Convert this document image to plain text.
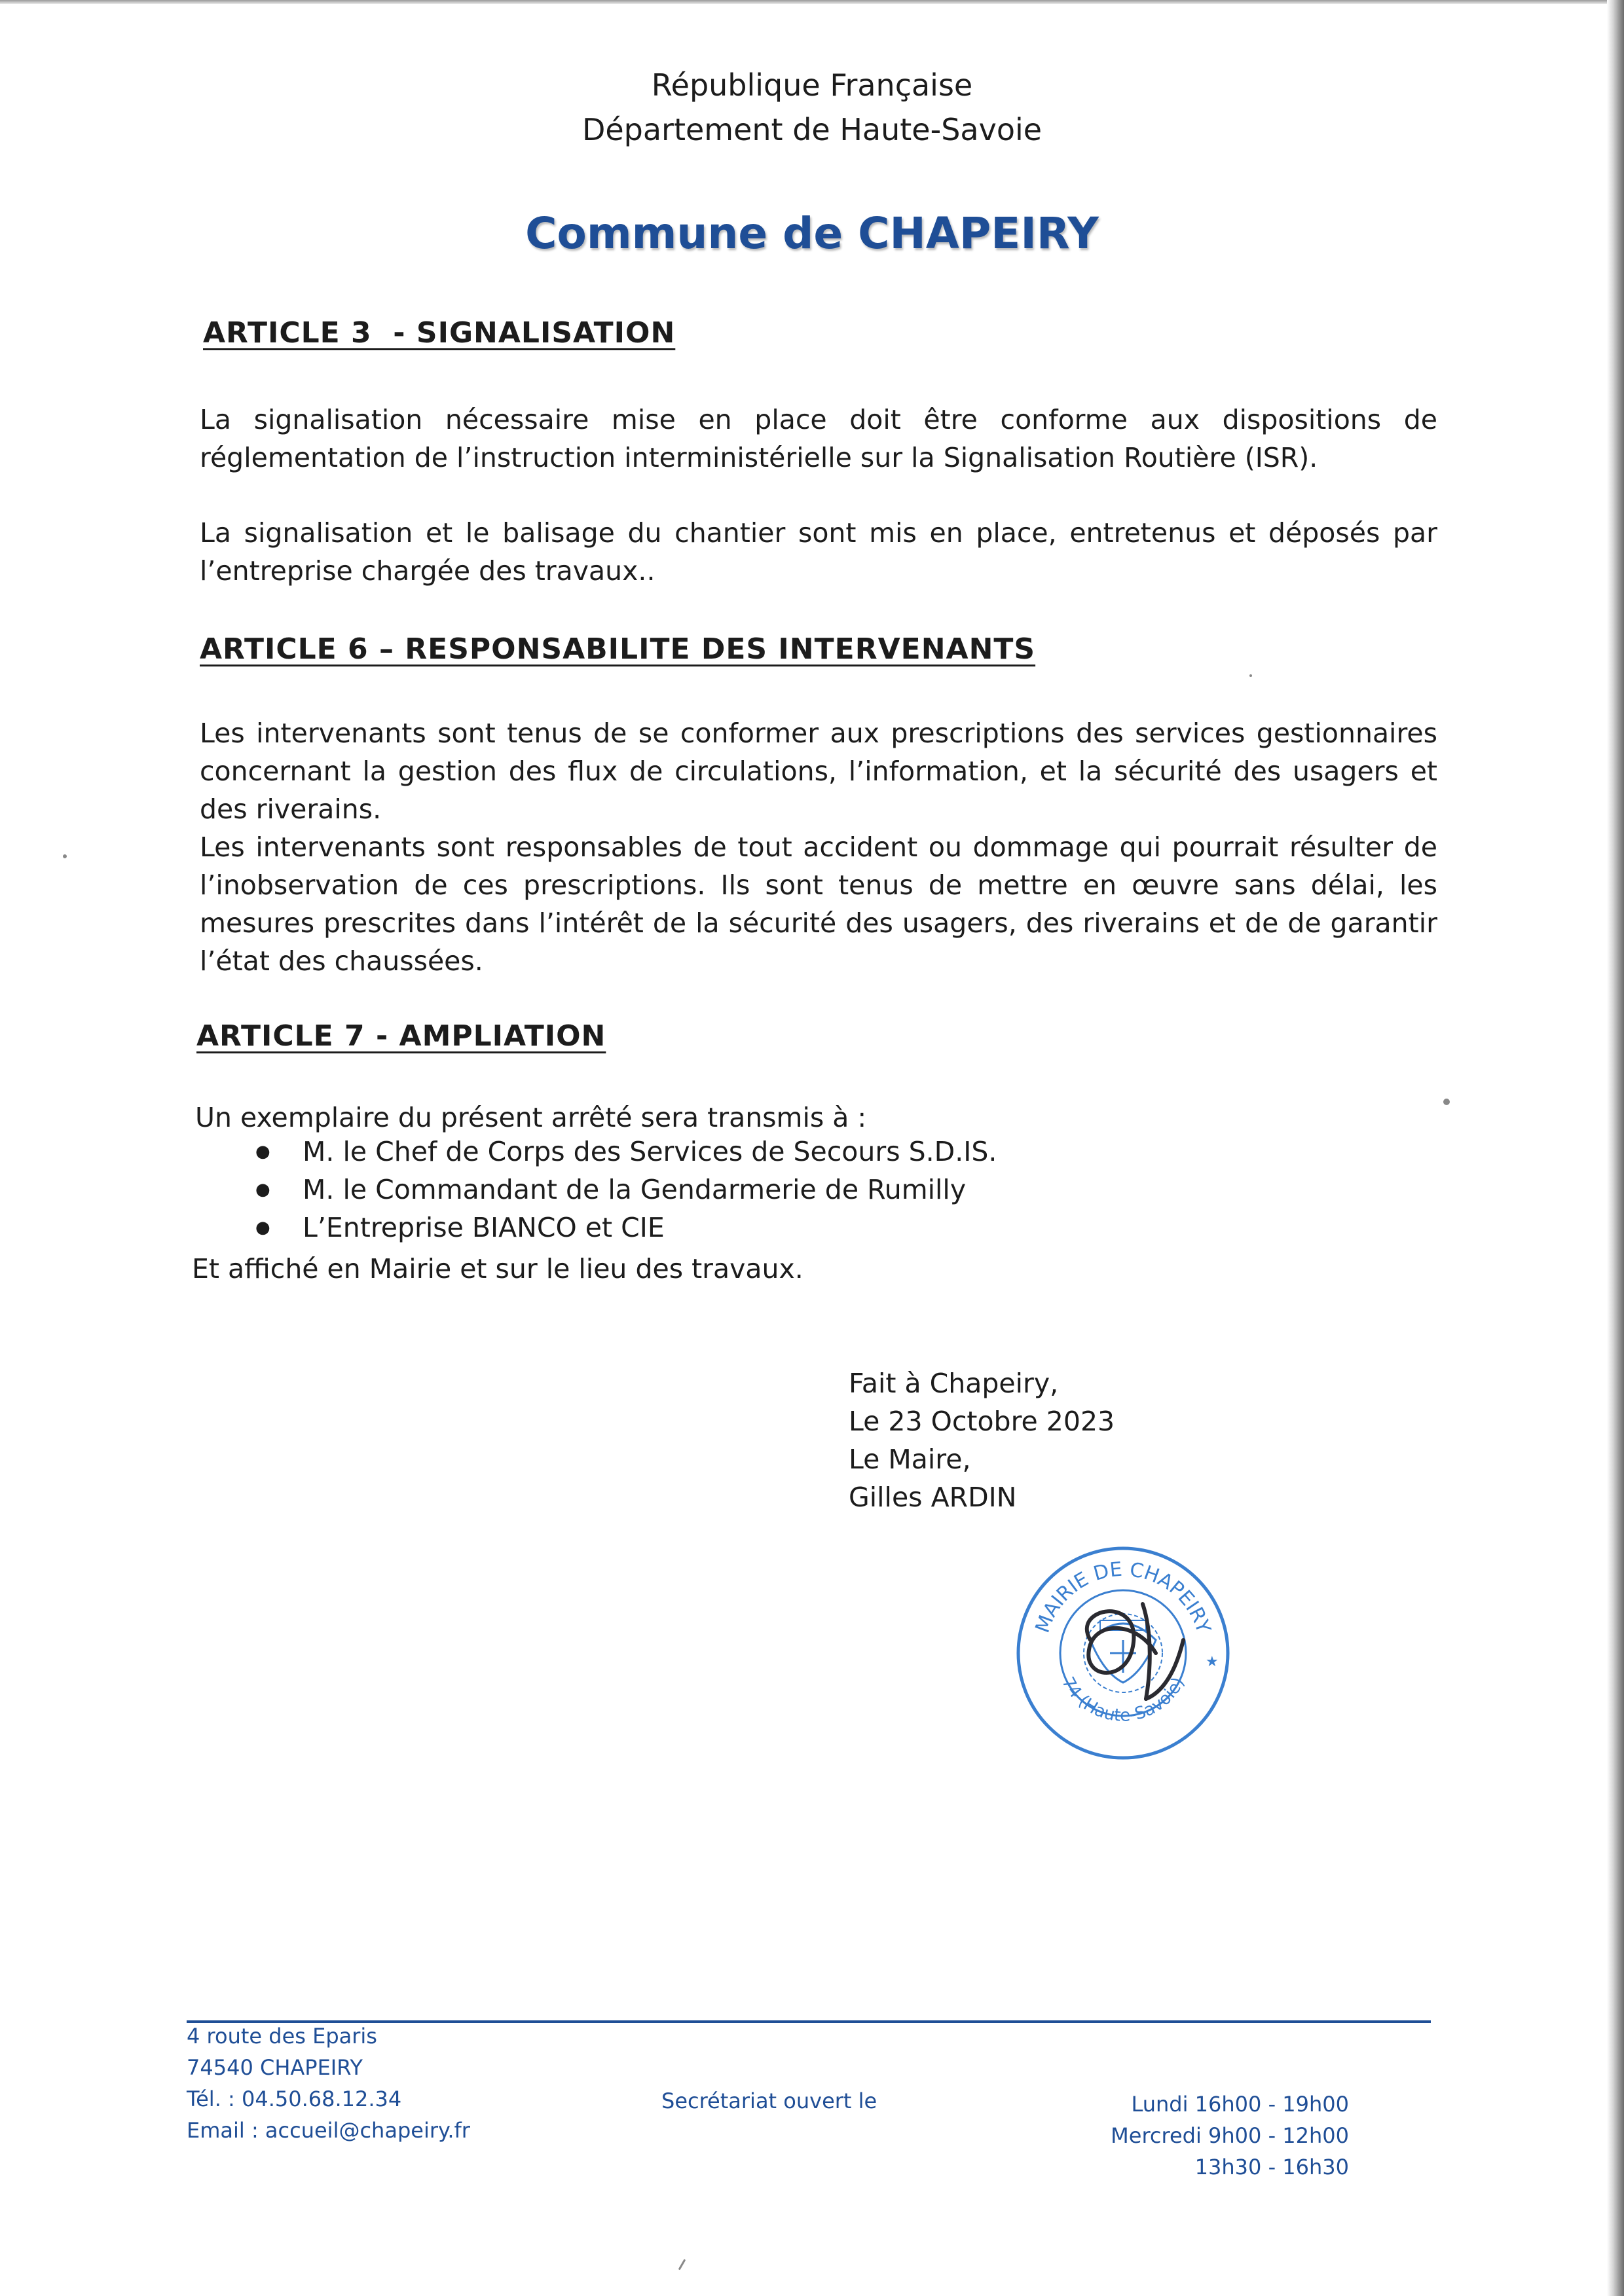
République Française
Département de Haute-Savoie
Commune de CHAPEIRY
ARTICLE 3  - SIGNALISATION
La signalisation nécessaire mise en place doit être conforme aux dispositions de réglementation de l’instruction interministérielle sur la Signalisation Routière (ISR).
La signalisation et le balisage du chantier sont mis en place, entretenus et déposés par l’entreprise chargée des travaux..
ARTICLE 6 – RESPONSABILITE DES INTERVENANTS
Les intervenants sont tenus de se conformer aux prescriptions des services gestionnaires concernant la gestion des flux de circulations, l’information, et la sécurité des usagers et des riverains.
Les intervenants sont responsables de tout accident ou dommage qui pourrait résulter de l’inobservation de ces prescriptions. Ils sont tenus de mettre en œuvre sans délai, les mesures prescrites dans l’intérêt de la sécurité des usagers, des riverains et de de garantir l’état des chaussées.
ARTICLE 7 - AMPLIATION
Un exemplaire du présent arrêté sera transmis à :
● M. le Chef de Corps des Services de Secours S.D.IS.
● M. le Commandant de la Gendarmerie de Rumilly
● L’Entreprise BIANCO et CIE
Et affiché en Mairie et sur le lieu des travaux.
Fait à Chapeiry,
Le 23 Octobre 2023
Le Maire,
Gilles ARDIN
MAIRIE DE CHAPEIRY
74 (Haute-Savoie)
★
4 route des Eparis
74540 CHAPEIRY
Tél. : 04.50.68.12.34
Email : accueil@chapeiry.fr
Secrétariat ouvert le	Lundi 16h00 - 19h00
Mercredi 9h00 - 12h00
13h30 - 16h30
